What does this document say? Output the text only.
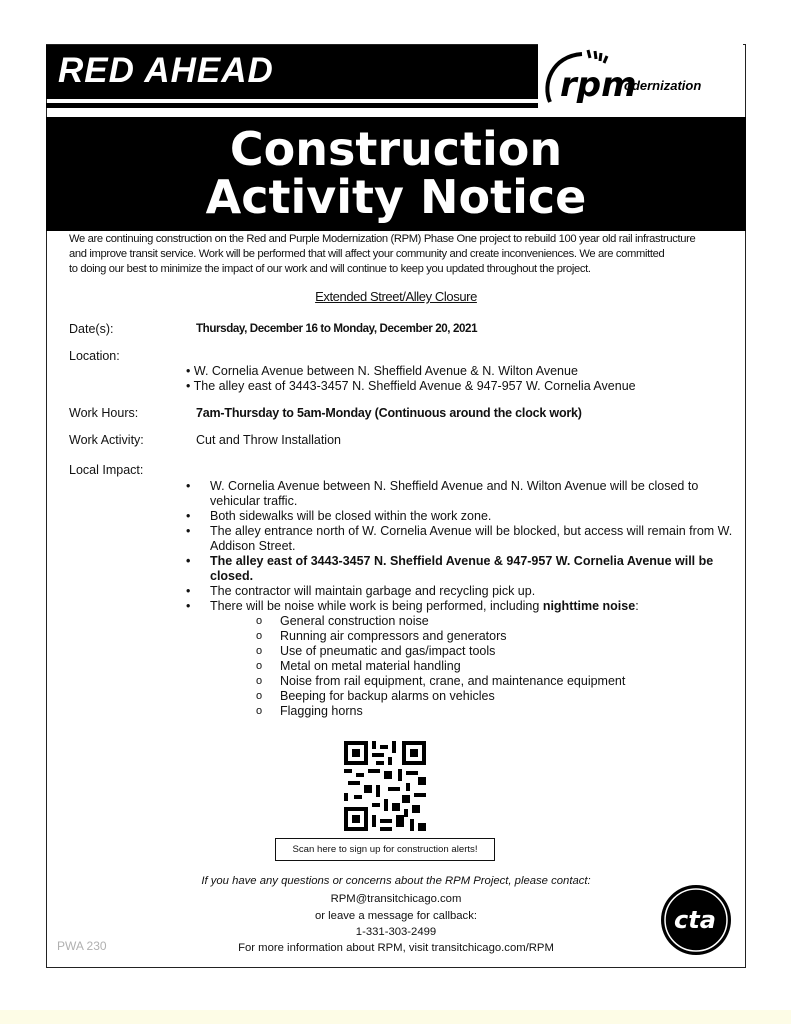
RED AHEAD	rpm
odernization
Construction
Activity Notice
We are continuing construction on the Red and Purple Modernization (RPM) Phase One project to rebuild 100 year old rail infrastructure
and improve transit service. Work will be performed that will affect your community and create inconveniences. We are committed
to doing our best to minimize the impact of our work and will continue to keep you updated throughout the project.
Extended Street/Alley Closure
Date(s):	Thursday, December 16 to Monday, December 20, 2021
Location:
• W. Cornelia Avenue between N. Sheffield Avenue & N. Wilton Avenue
• The alley east of 3443-3457 N. Sheffield Avenue & 947-957 W. Cornelia Avenue
Work Hours:	7am-Thursday to 5am-Monday (Continuous around the clock work)
Work Activity:	Cut and Throw Installation
Local Impact:
• W. Cornelia Avenue between N. Sheffield Avenue and N. Wilton Avenue will be closed to vehicular traffic.
• Both sidewalks will be closed within the work zone.
• The alley entrance north of W. Cornelia Avenue will be blocked, but access will remain from W. Addison Street.
• The alley east of 3443-3457 N. Sheffield Avenue & 947-957 W. Cornelia Avenue will be closed.
• The contractor will maintain garbage and recycling pick up.
• There will be noise while work is being performed, including nighttime noise:
o General construction noise
o Running air compressors and generators
o Use of pneumatic and gas/impact tools
o Metal on metal material handling
o Noise from rail equipment, crane, and maintenance equipment
o Beeping for backup alarms on vehicles
o Flagging horns
Scan here to sign up for construction alerts!
If you have any questions or concerns about the RPM Project, please contact:
RPM@transitchicago.com
or leave a message for callback:
1-331-303-2499
For more information about RPM, visit transitchicago.com/RPM
PWA 230
cta
